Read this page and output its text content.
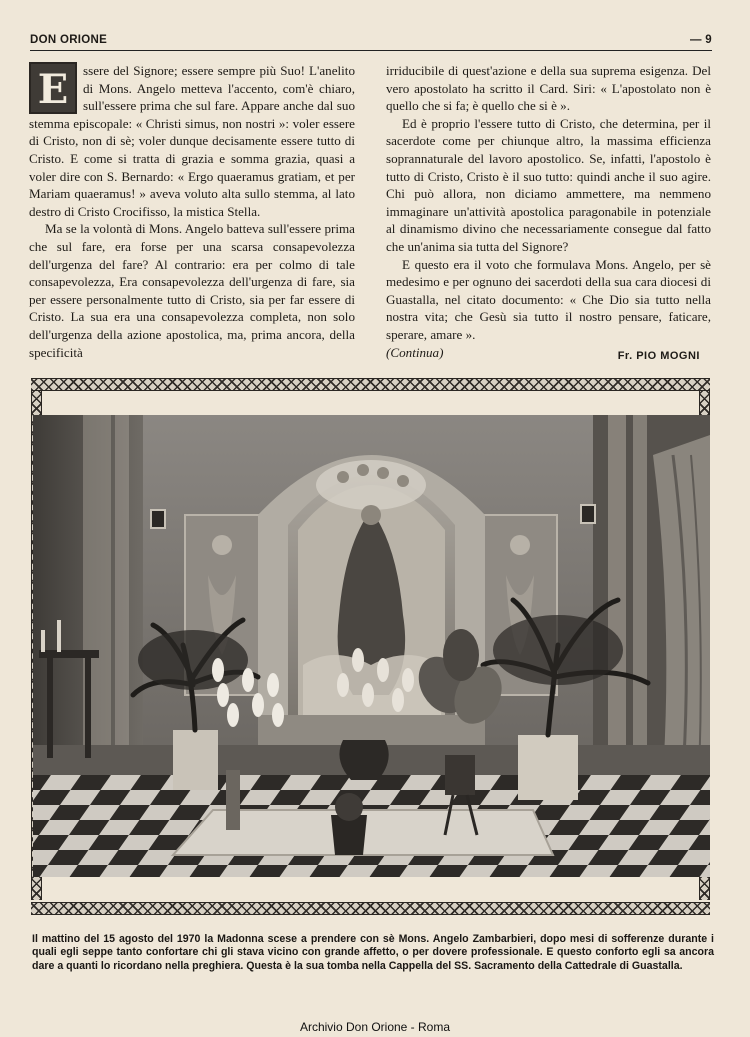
DON ORIONE	— 9

E	ssere del Signore; essere sempre più Suo! L'anelito di Mons. Angelo metteva l'accento, com'è chiaro, sull'essere prima che sul fare. Appare anche dal suo stemma episcopale: « Christi simus, non nostri »: voler essere di Cristo, non di sè; voler dunque decisamente essere tutto di Cristo. E come si tratta di grazia e somma grazia, quasi a voler dire con S. Bernardo: « Ergo quaeramus gratiam, et per Mariam quaeramus! » aveva voluto alta sullo stemma, al lato destro di Cristo Crocifisso, la mistica Stella.

Ma se la volontà di Mons. Angelo batteva sull'essere prima che sul fare, era forse per una scarsa consapevolezza dell'urgenza del fare? Al contrario: era per colmo di tale consapevolezza, Era consapevolezza dell'urgenza di fare, sia per essere personalmente tutto di Cristo, sia per far essere di Cristo. La sua era una consapevolezza completa, non solo dell'urgenza della azione apostolica, ma, prima ancora, della specificità

irriducibile di quest'azione e della sua suprema esigenza. Del vero apostolato ha scritto il Card. Siri: « L'apostolato non è quello che si fa; è quello che si è ».

Ed è proprio l'essere tutto di Cristo, che determina, per il sacerdote come per chiunque altro, la massima efficienza soprannaturale del lavoro apostolico. Se, infatti, l'apostolo è tutto di Cristo, Cristo è il suo tutto: quindi anche il suo agire. Chi può allora, non diciamo ammettere, ma nemmeno immaginare un'attività apostolica paragonabile in potenziale al dinamismo divino che necessariamente consegue dal fatto che un'anima sia tutta del Signore?

E questo era il voto che formulava Mons. Angelo, per sè medesimo e per ognuno dei sacerdoti della sua cara diocesi di Guastalla, nel citato documento: « Che Dio sia tutto nella nostra vita; che Gesù sia tutto il nostro pensare, faticare, sperare, amare ».

(Continua)	Fr. PIO MOGNI
Il mattino del 15 agosto del 1970 la Madonna scese a prendere con sè Mons. Angelo Zambarbieri, dopo mesi di sofferenze durante i quali egli seppe tanto confortare chi gli stava vicino con grande affetto, o per dovere professionale. E questo conforto egli sa ancora dare a quanti lo ricordano nella preghiera. Questa è la sua tomba nella Cappella del SS. Sacramento della Cattedrale di Guastalla.
Archivio Don Orione - Roma
